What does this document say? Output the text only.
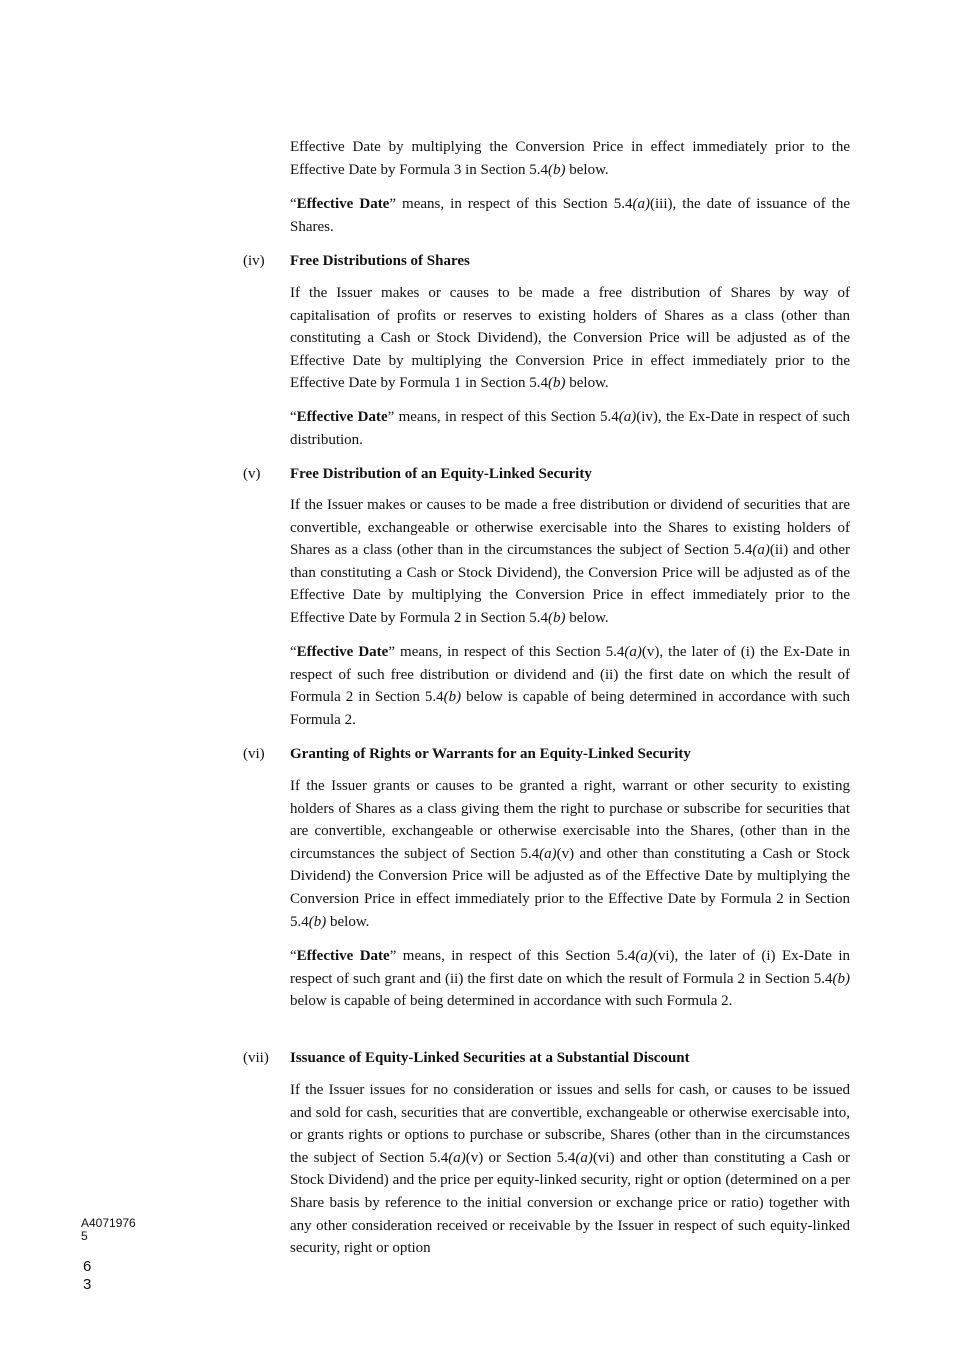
Effective Date by multiplying the Conversion Price in effect immediately prior to the Effective Date by Formula 3 in Section 5.4(b) below.

“Effective Date” means, in respect of this Section 5.4(a)(iii), the date of issuance of the Shares.

(iv) Free Distributions of Shares

If the Issuer makes or causes to be made a free distribution of Shares by way of capitalisation of profits or reserves to existing holders of Shares as a class (other than constituting a Cash or Stock Dividend), the Conversion Price will be adjusted as of the Effective Date by multiplying the Conversion Price in effect immediately prior to the Effective Date by Formula 1 in Section 5.4(b) below.

“Effective Date” means, in respect of this Section 5.4(a)(iv), the Ex-Date in respect of such distribution.

(v) Free Distribution of an Equity-Linked Security

If the Issuer makes or causes to be made a free distribution or dividend of securities that are convertible, exchangeable or otherwise exercisable into the Shares to existing holders of Shares as a class (other than in the circumstances the subject of Section 5.4(a)(ii) and other than constituting a Cash or Stock Dividend), the Conversion Price will be adjusted as of the Effective Date by multiplying the Conversion Price in effect immediately prior to the Effective Date by Formula 2 in Section 5.4(b) below.

“Effective Date” means, in respect of this Section 5.4(a)(v), the later of (i) the Ex-Date in respect of such free distribution or dividend and (ii) the first date on which the result of Formula 2 in Section 5.4(b) below is capable of being determined in accordance with such Formula 2.

(vi) Granting of Rights or Warrants for an Equity-Linked Security

If the Issuer grants or causes to be granted a right, warrant or other security to existing holders of Shares as a class giving them the right to purchase or subscribe for securities that are convertible, exchangeable or otherwise exercisable into the Shares, (other than in the circumstances the subject of Section 5.4(a)(v) and other than constituting a Cash or Stock Dividend) the Conversion Price will be adjusted as of the Effective Date by multiplying the Conversion Price in effect immediately prior to the Effective Date by Formula 2 in Section 5.4(b) below.

“Effective Date” means, in respect of this Section 5.4(a)(vi), the later of (i) Ex-Date in respect of such grant and (ii) the first date on which the result of Formula 2 in Section 5.4(b) below is capable of being determined in accordance with such Formula 2.

(vii) Issuance of Equity-Linked Securities at a Substantial Discount

If the Issuer issues for no consideration or issues and sells for cash, or causes to be issued and sold for cash, securities that are convertible, exchangeable or otherwise exercisable into, or grants rights or options to purchase or subscribe, Shares (other than in the circumstances the subject of Section 5.4(a)(v) or Section 5.4(a)(vi) and other than constituting a Cash or Stock Dividend) and the price per equity-linked security, right or option (determined on a per Share basis by reference to the initial conversion or exchange price or ratio) together with any other consideration received or receivable by the Issuer in respect of such equity-linked security, right or option

A4071976
5
6
3
